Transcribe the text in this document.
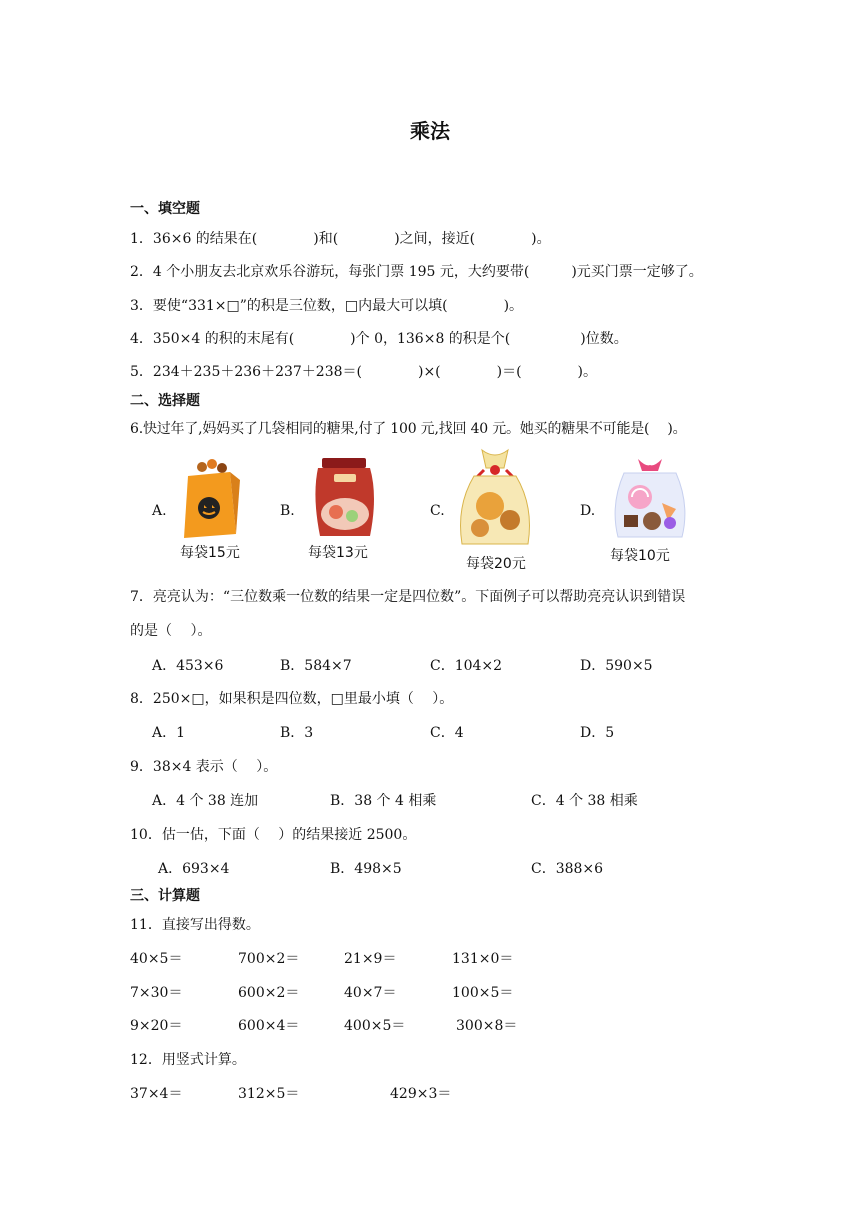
乘法
一、填空题
1．36×6 的结果在(　　　　)和(　　　　)之间，接近(　　　　)。
2．4 个小朋友去北京欢乐谷游玩，每张门票 195 元，大约要带(　　　)元买门票一定够了。
3．要使“331×□”的积是三位数，□内最大可以填(　　　　)。
4．350×4 的积的末尾有(　　　　)个 0，136×8 的积是个(　　　　　)位数。
5．234＋235＋236＋237＋238＝(　　　　)×(　　　　)＝(　　　　)。
二、选择题
6.快过年了,妈妈买了几袋相同的糖果,付了 100 元,找回 40 元。她买的糖果不可能是(　 )。
A.
每袋15元
B.
每袋13元
C.
每袋20元
D.
每袋10元
7．亮亮认为：“三位数乘一位数的结果一定是四位数”。下面例子可以帮助亮亮认识到错误
的是（　 ）。
A．453×6	B．584×7	C．104×2	D．590×5
8．250×□，如果积是四位数，□里最小填（　 ）。
A．1	B．3	C．4	D．5
9．38×4 表示（　 ）。
A．4 个 38 连加	B．38 个 4 相乘	C．4 个 38 相乘
10．估一估，下面（　 ）的结果接近 2500。
A．693×4	B．498×5	C．388×6
三、计算题
11．直接写出得数。
40×5＝	700×2＝	21×9＝	131×0＝
7×30＝	600×2＝	40×7＝	100×5＝
9×20＝	600×4＝	400×5＝	300×8＝
12．用竖式计算。
37×4＝	312×5＝	429×3＝
